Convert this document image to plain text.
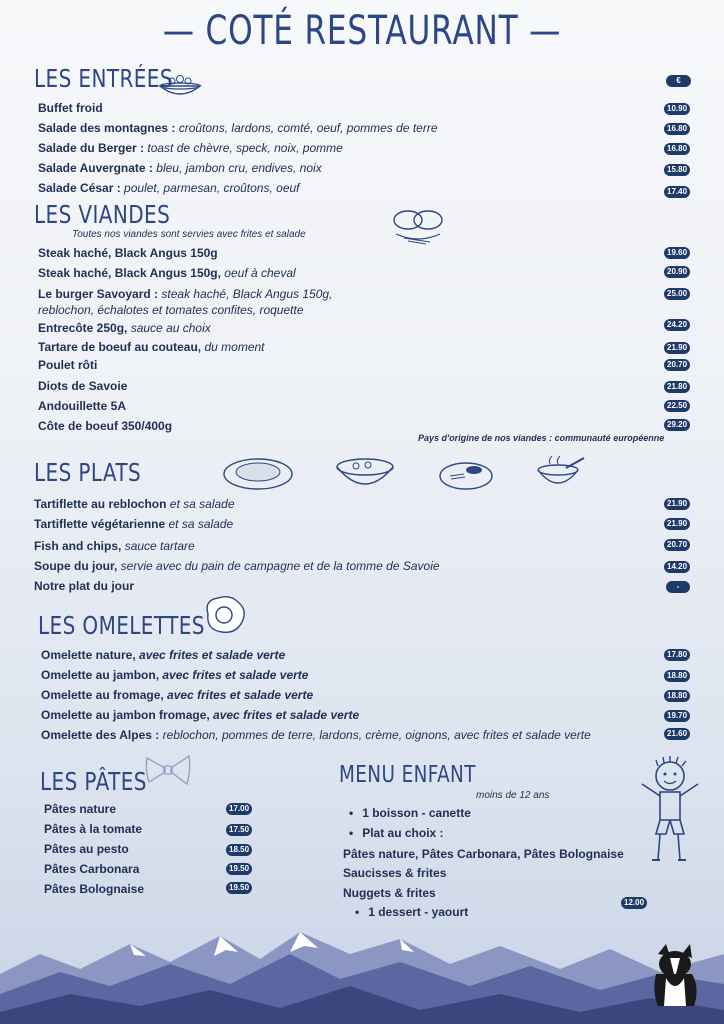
— COTÉ RESTAURANT —
LES ENTRÉES	€
Buffet froid	10.90
Salade des montagnes : croûtons, lardons, comté, oeuf, pommes de terre	16.80
Salade du Berger : toast de chèvre, speck, noix, pomme	16.80
Salade Auvergnate : bleu, jambon cru, endives, noix	15.80
Salade César : poulet, parmesan, croûtons, oeuf	17.40
LES VIANDES
Toutes nos viandes sont servies avec frites et salade
Steak haché, Black Angus 150g	19.60
Steak haché, Black Angus 150g, oeuf à cheval	20.90
Le burger Savoyard : steak haché, Black Angus 150g,
reblochon, échalotes et tomates confites, roquette
25.00
Entrecôte 250g, sauce au choix	24.20
Tartare de boeuf au couteau, du moment	21.90
Poulet rôti	20.70
Diots de Savoie	21.80
Andouillette 5A	22.50
Côte de boeuf 350/400g	29.20
Pays d'origine de nos viandes : communauté européenne
LES PLATS
Tartiflette au reblochon et sa salade	21.90
Tartiflette végétarienne et sa salade	21.90
Fish and chips, sauce tartare	20.70
Soupe du jour, servie avec du pain de campagne et de la tomme de Savoie	14.20
Notre plat du jour	-
LES OMELETTES
Omelette nature, avec frites et salade verte	17.80
Omelette au jambon, avec frites et salade verte	18.80
Omelette au fromage, avec frites et salade verte	18.80
Omelette au jambon fromage, avec frites et salade verte	19.70
Omelette des Alpes : reblochon, pommes de terre, lardons, crème, oignons, avec frites et salade verte	21.60
LES PÂTES
Pâtes nature	17.00
Pâtes à la tomate	17.50
Pâtes au pesto	18.50
Pâtes Carbonara	19.50
Pâtes Bolognaise	19.50
MENU ENFANT
moins de 12 ans
• 1 boisson - canette
• Plat au choix :
Pâtes nature, Pâtes Carbonara, Pâtes Bolognaise
Saucisses & frites
Nuggets & frites
12.00
• 1 dessert - yaourt
